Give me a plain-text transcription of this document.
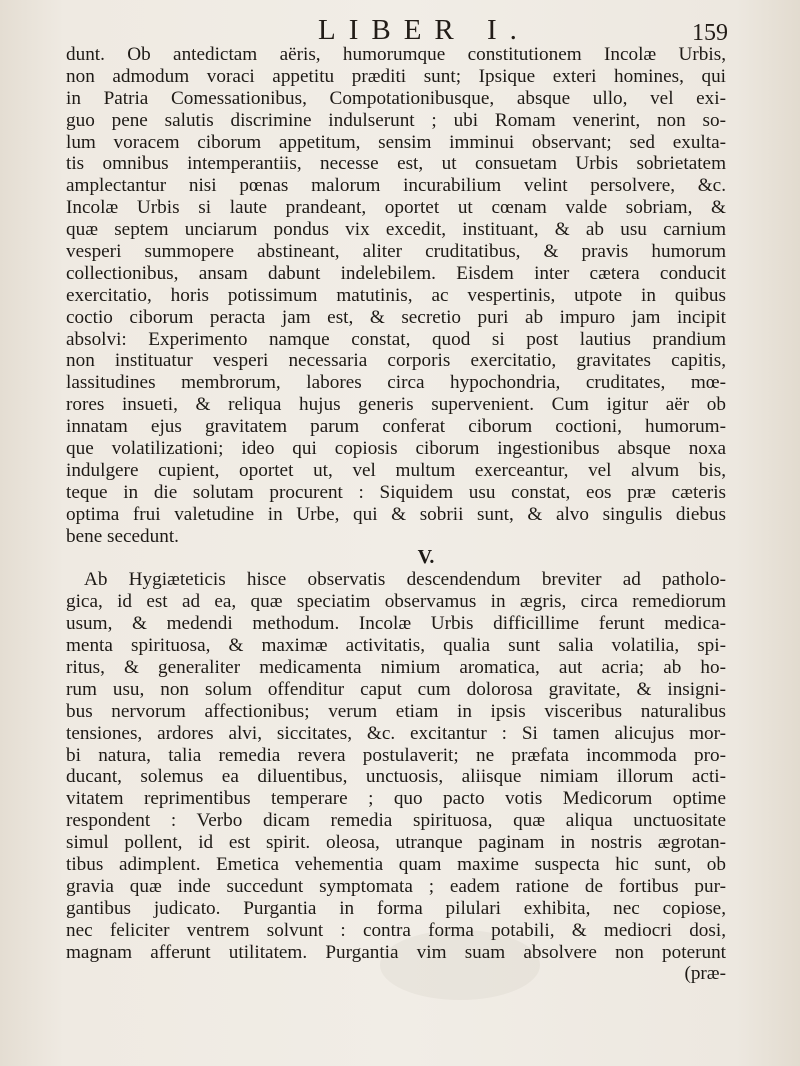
LIBER I.	159
dunt. Ob antedictam aëris, humorumque constitutionem Incolæ Urbis,
non admodum voraci appetitu præditi sunt; Ipsique exteri homines, qui
in Patria Comessationibus, Compotationibusque, absque ullo, vel exi-
guo pene salutis discrimine indulserunt ; ubi Romam venerint, non so-
lum voracem ciborum appetitum, sensim imminui observant; sed exulta-
tis omnibus intemperantiis, necesse est, ut consuetam Urbis sobrietatem
amplectantur nisi pœnas malorum incurabilium velint persolvere, &c.
Incolæ Urbis si laute prandeant, oportet ut cœnam valde sobriam, &
quæ septem unciarum pondus vix excedit, instituant, & ab usu carnium
vesperi summopere abstineant, aliter cruditatibus, & pravis humorum
collectionibus, ansam dabunt indelebilem. Eisdem inter cætera conducit
exercitatio, horis potissimum matutinis, ac vespertinis, utpote in quibus
coctio ciborum peracta jam est, & secretio puri ab impuro jam incipit
absolvi: Experimento namque constat, quod si post lautius prandium
non instituatur vesperi necessaria corporis exercitatio, gravitates capitis,
lassitudines membrorum, labores circa hypochondria, cruditates, mœ-
rores insueti, & reliqua hujus generis supervenient. Cum igitur aër ob
innatam ejus gravitatem parum conferat ciborum coctioni, humorum-
que volatilizationi; ideo qui copiosis ciborum ingestionibus absque noxa
indulgere cupient, oportet ut, vel multum exerceantur, vel alvum bis,
teque in die solutam procurent : Siquidem usu constat, eos præ cæteris
optima frui valetudine in Urbe, qui & sobrii sunt, & alvo singulis diebus
bene secedunt.
V.
Ab Hygiæteticis hisce observatis descendendum breviter ad patholo-
gica, id est ad ea, quæ speciatim observamus in ægris, circa remediorum
usum, & medendi methodum. Incolæ Urbis difficillime ferunt medica-
menta spirituosa, & maximæ activitatis, qualia sunt salia volatilia, spi-
ritus, & generaliter medicamenta nimium aromatica, aut acria; ab ho-
rum usu, non solum offenditur caput cum dolorosa gravitate, & insigni-
bus nervorum affectionibus; verum etiam in ipsis visceribus naturalibus
tensiones, ardores alvi, siccitates, &c. excitantur : Si tamen alicujus mor-
bi natura, talia remedia revera postulaverit; ne præfata incommoda pro-
ducant, solemus ea diluentibus, unctuosis, aliisque nimiam illorum acti-
vitatem reprimentibus temperare ; quo pacto votis Medicorum optime
respondent : Verbo dicam remedia spirituosa, quæ aliqua unctuositate
simul pollent, id est spirit. oleosa, utranque paginam in nostris ægrotan-
tibus adimplent. Emetica vehementia quam maxime suspecta hic sunt, ob
gravia quæ inde succedunt symptomata ; eadem ratione de fortibus pur-
gantibus judicato. Purgantia in forma pilulari exhibita, nec copiose,
nec feliciter ventrem solvunt : contra forma potabili, & mediocri dosi,
magnam afferunt utilitatem. Purgantia vim suam absolvere non poterunt
(præ-
